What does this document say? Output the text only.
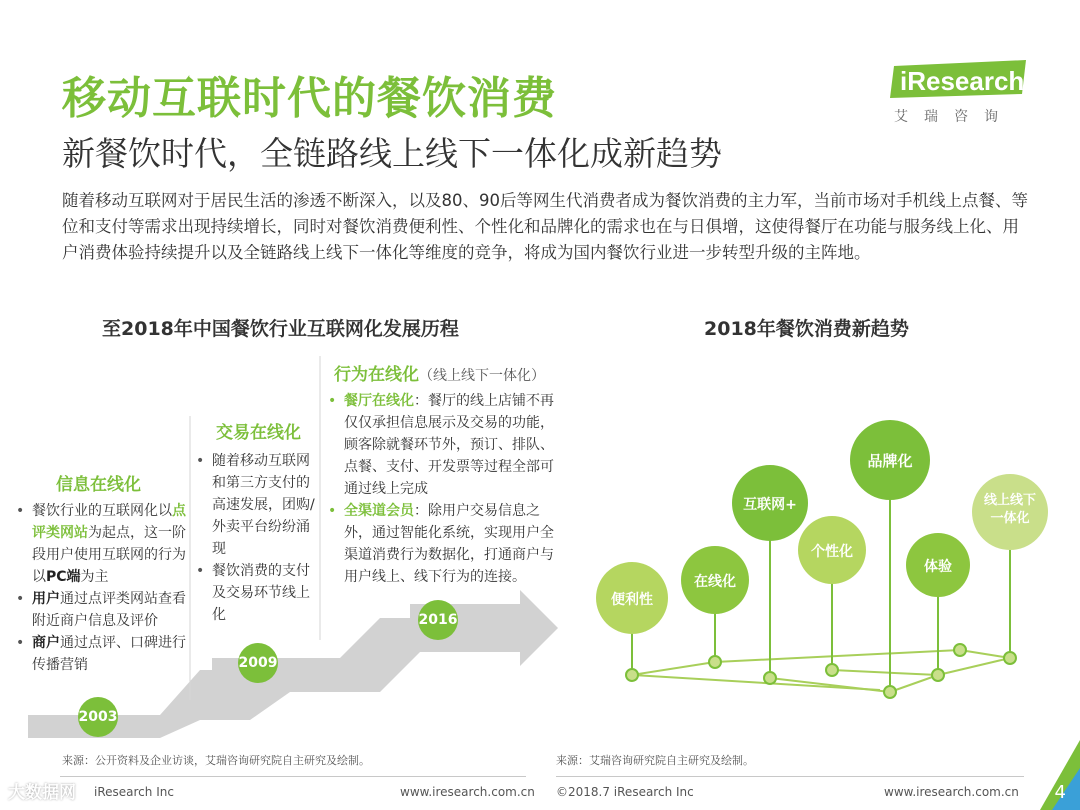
移动互联时代的餐饮消费
新餐饮时代，全链路线上线下一体化成新趋势
随着移动互联网对于居民生活的渗透不断深入，以及80、90后等网生代消费者成为餐饮消费的主力军，当前市场对手机线上点餐、等位和支付等需求出现持续增长，同时对餐饮消费便利性、个性化和品牌化的需求也在与日俱增，这使得餐厅在功能与服务线上化、用户消费体验持续提升以及全链路线上线下一体化等维度的竞争，将成为国内餐饮行业进一步转型升级的主阵地。
iResearch
艾瑞咨询
至2018年中国餐饮行业互联网化发展历程	2018年餐饮消费新趋势
信息在线化
• 餐饮行业的互联网化以点评类网站为起点，这一阶段用户使用互联网的行为以PC端为主
• 用户通过点评类网站查看附近商户信息及评价
• 商户通过点评、口碑进行传播营销
2003
交易在线化
• 随着移动互联网和第三方支付的高速发展，团购/外卖平台纷纷涌现
• 餐饮消费的支付及交易环节线上化
2009
行为在线化（线上线下一体化）
• 餐厅在线化：餐厅的线上店铺不再仅仅承担信息展示及交易的功能，顾客除就餐环节外，预订、排队、点餐、支付、开发票等过程全部可通过线上完成
• 全渠道会员：除用户交易信息之外，通过智能化系统，实现用户全渠道消费行为数据化，打通商户与用户线上、线下行为的连接。
2016
便利性
在线化
互联网+
个性化
品牌化
体验
线上线下
一体化
来源：公开资料及企业访谈，艾瑞咨询研究院自主研究及绘制。	来源：艾瑞咨询研究院自主研究及绘制。
iResearch Inc	www.iresearch.com.cn ©2018.7 iResearch Inc	www.iresearch.com.cn 4
大数据网
